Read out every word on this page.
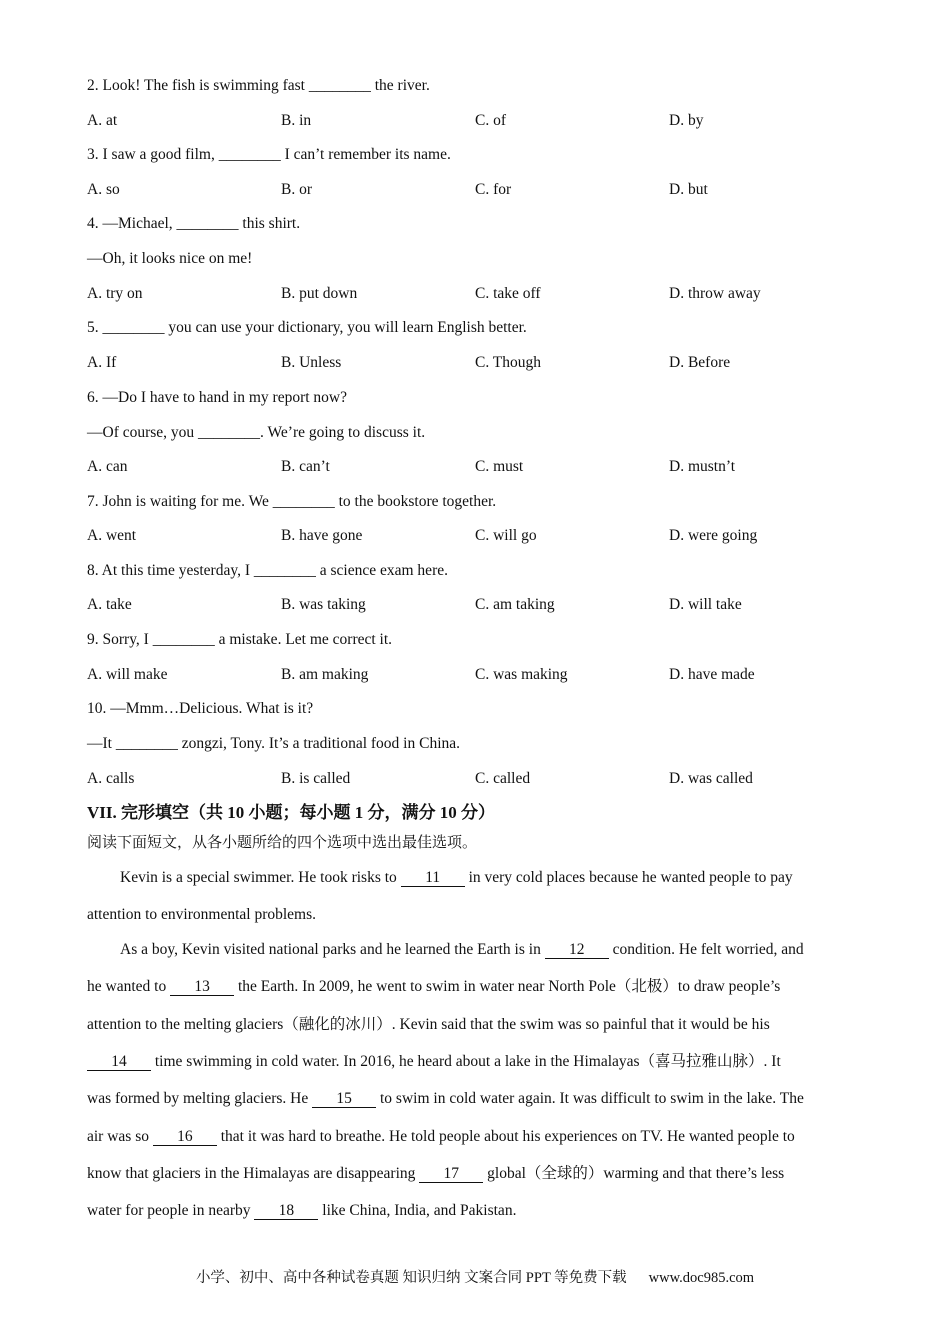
2. Look! The fish is swimming fast ________ the river.
A. at	B. in	C. of	D. by
3. I saw a good film, ________ I can’t remember its name.
A. so	B. or	C. for	D. but
4. —Michael, ________ this shirt.
—Oh, it looks nice on me!
A. try on	B. put down	C. take off	D. throw away
5. ________ you can use your dictionary, you will learn English better.
A. If	B. Unless	C. Though	D. Before
6. —Do I have to hand in my report now?
—Of course, you ________. We’re going to discuss it.
A. can	B. can’t	C. must	D. mustn’t
7. John is waiting for me. We ________ to the bookstore together.
A. went	B. have gone	C. will go	D. were going
8. At this time yesterday, I ________ a science exam here.
A. take	B. was taking	C. am taking	D. will take
9. Sorry, I ________ a mistake. Let me correct it.
A. will make	B. am making	C. was making	D. have made
10. —Mmm…Delicious. What is it?
—It ________ zongzi, Tony. It’s a traditional food in China.
A. calls	B. is called	C. called	D. was called
VII. 完形填空（共 10 小题；每小题 1 分，满分 10 分）
阅读下面短文，从各小题所给的四个选项中选出最佳选项。
Kevin is a special swimmer. He took risks to 11 in very cold places because he wanted people to pay
attention to environmental problems.
As a boy, Kevin visited national parks and he learned the Earth is in 12 condition. He felt worried, and
he wanted to 13 the Earth. In 2009, he went to swim in water near North Pole（北极）to draw people’s
attention to the melting glaciers（融化的冰川）. Kevin said that the swim was so painful that it would be his
14 time swimming in cold water. In 2016, he heard about a lake in the Himalayas（喜马拉雅山脉）. It
was formed by melting glaciers. He 15 to swim in cold water again. It was difficult to swim in the lake. The
air was so 16 that it was hard to breathe. He told people about his experiences on TV. He wanted people to
know that glaciers in the Himalayas are disappearing 17 global（全球的）warming and that there’s less
water for people in nearby 18 like China, India, and Pakistan.
小学、初中、高中各种试卷真题 知识归纳 文案合同 PPT 等免费下载 www.doc985.com
